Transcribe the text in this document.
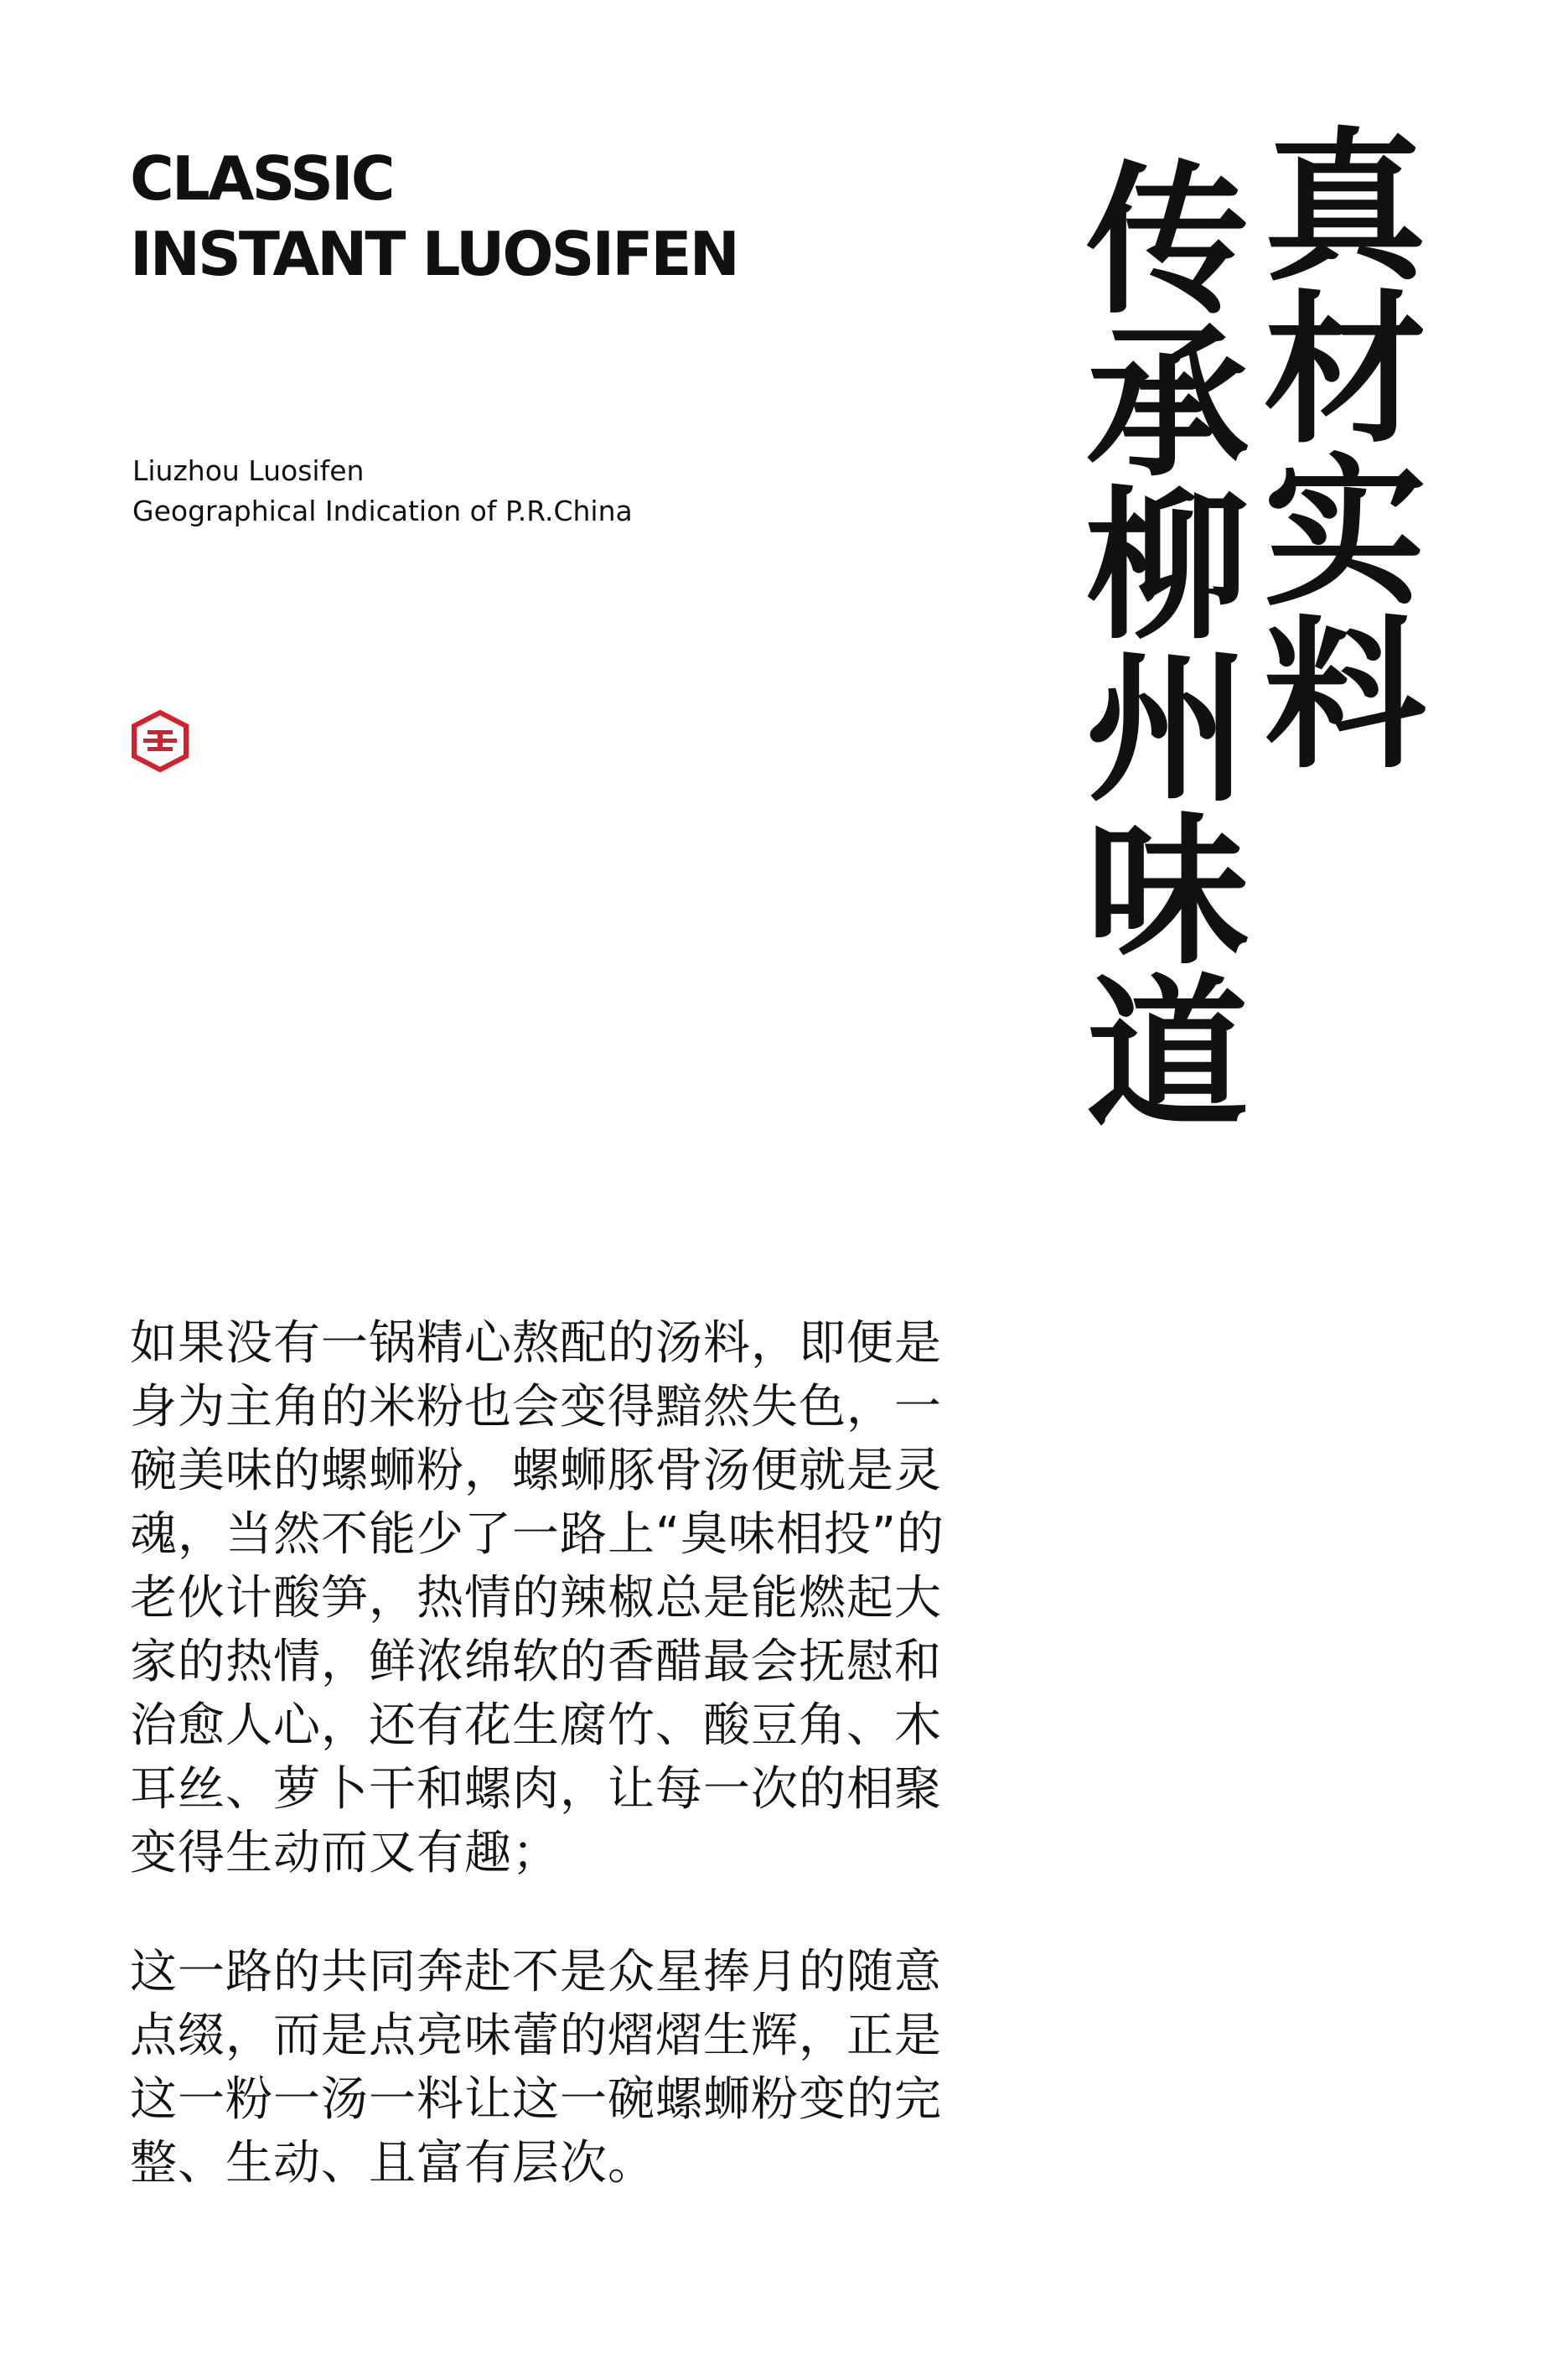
CLASSIC
INSTANT LUOSIFEN
Liuzhou Luosifen
Geographical Indication of P.R.China
真
材
实
料
传
承
柳
州
味
道

如果没有一锅精心熬配的汤料，即便是身为主角的米粉也会变得黯然失色，一碗美味的螺蛳粉，螺蛳豚骨汤便就是灵魂，当然不能少了一路上“臭味相投”的老伙计酸笋，热情的辣椒总是能燃起大家的热情，鲜浓绵软的香醋最会抚慰和治愈人心，还有花生腐竹、酸豆角、木耳丝、萝卜干和螺肉，让每一次的相聚变得生动而又有趣；

这一路的共同奔赴不是众星捧月的随意点缀，而是点亮味蕾的熠熠生辉，正是这一粉一汤一料让这一碗螺蛳粉变的完整、生动、且富有层次。
